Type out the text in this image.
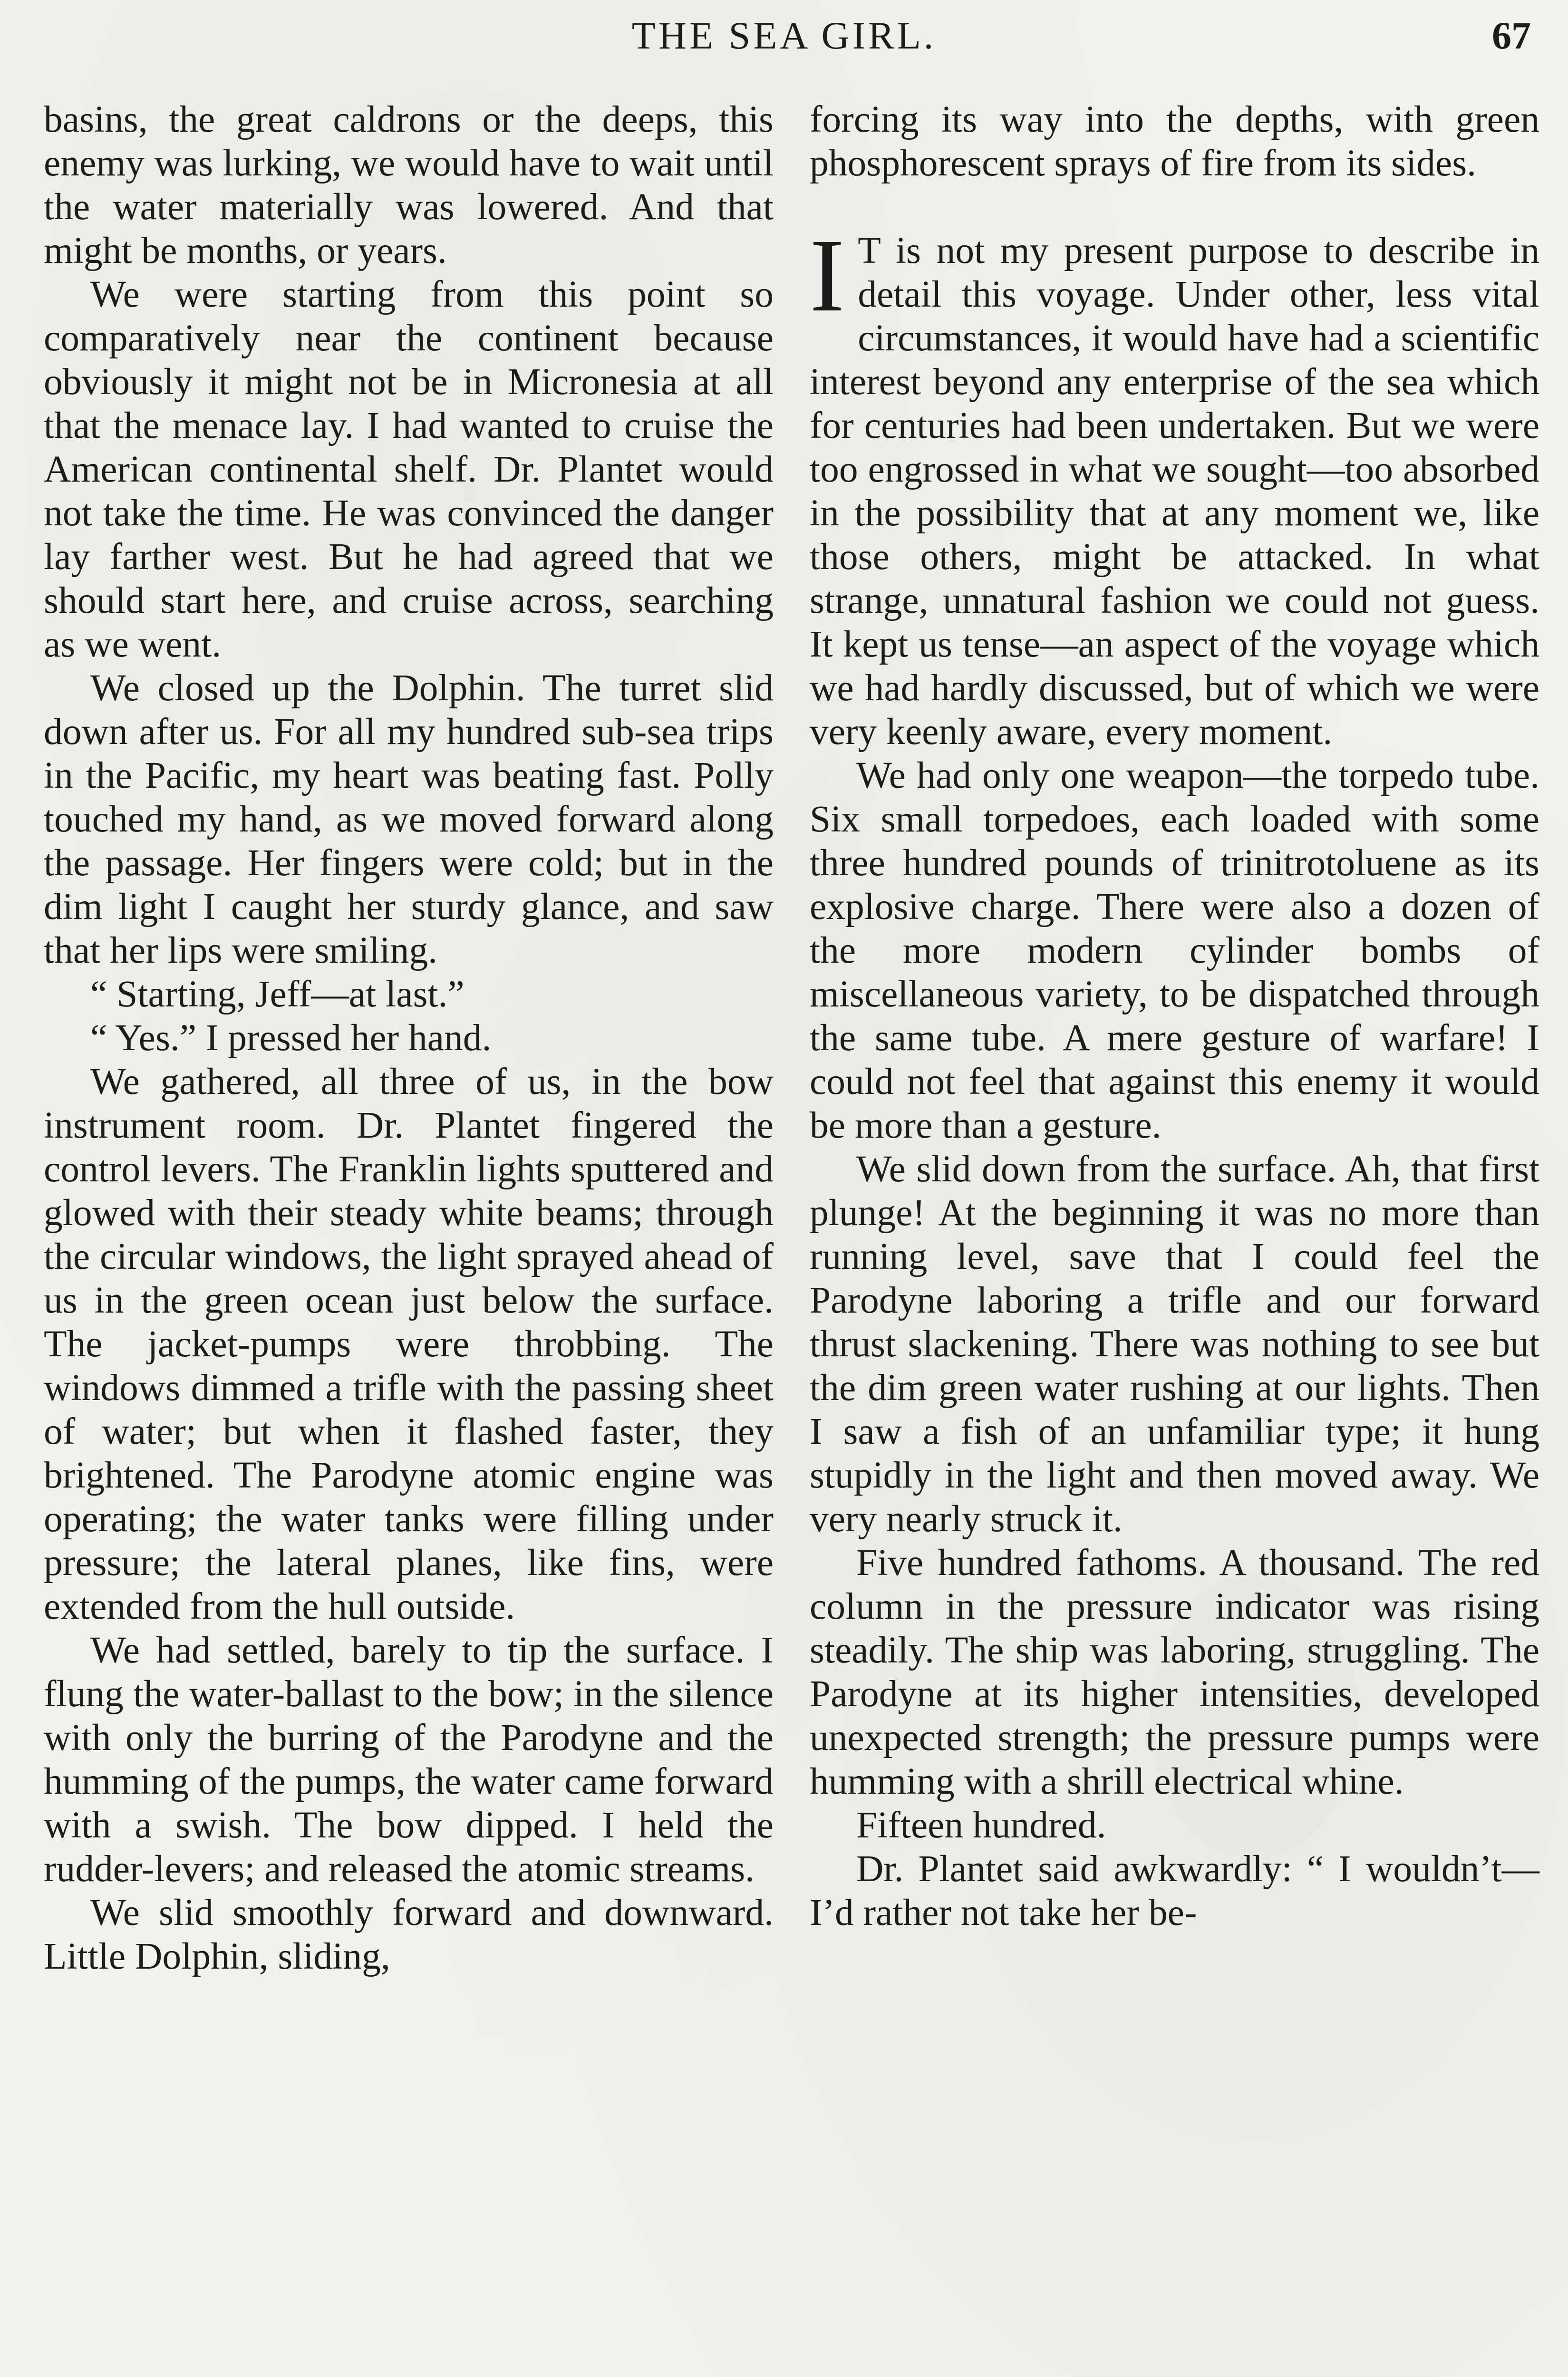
THE SEA GIRL.	67

basins, the great caldrons or the deeps, this enemy was lurking, we would have to wait until the water materially was lowered. And that might be months, or years.

We were starting from this point so comparatively near the continent because obviously it might not be in Micronesia at all that the menace lay. I had wanted to cruise the American continental shelf. Dr. Plantet would not take the time. He was convinced the danger lay farther west. But he had agreed that we should start here, and cruise across, searching as we went.

We closed up the Dolphin. The turret slid down after us. For all my hundred sub-sea trips in the Pacific, my heart was beating fast. Polly touched my hand, as we moved forward along the passage. Her fingers were cold; but in the dim light I caught her sturdy glance, and saw that her lips were smiling.

“ Starting, Jeff—at last.”

“ Yes.” I pressed her hand.

We gathered, all three of us, in the bow instrument room. Dr. Plantet fingered the control levers. The Franklin lights sputtered and glowed with their steady white beams; through the circular windows, the light sprayed ahead of us in the green ocean just below the surface. The jacket-pumps were throbbing. The windows dimmed a trifle with the passing sheet of water; but when it flashed faster, they brightened. The Parodyne atomic engine was operating; the water tanks were filling under pressure; the lateral planes, like fins, were extended from the hull outside.

We had settled, barely to tip the surface. I flung the water-ballast to the bow; in the silence with only the burring of the Parodyne and the humming of the pumps, the water came forward with a swish. The bow dipped. I held the rudder-levers; and released the atomic streams.

We slid smoothly forward and downward. Little Dolphin, sliding,

forcing its way into the depths, with green phosphorescent sprays of fire from its sides.

I T is not my present purpose to describe in detail this voyage. Under other, less vital circumstances, it would have had a scientific interest beyond any enterprise of the sea which for centuries had been undertaken. But we were too engrossed in what we sought—too absorbed in the possibility that at any moment we, like those others, might be attacked. In what strange, unnatural fashion we could not guess. It kept us tense—an aspect of the voyage which we had hardly discussed, but of which we were very keenly aware, every moment.

We had only one weapon—the torpedo tube. Six small torpedoes, each loaded with some three hundred pounds of trinitrotoluene as its explosive charge. There were also a dozen of the more modern cylinder bombs of miscellaneous variety, to be dispatched through the same tube. A mere gesture of warfare! I could not feel that against this enemy it would be more than a gesture.

We slid down from the surface. Ah, that first plunge! At the beginning it was no more than running level, save that I could feel the Parodyne laboring a trifle and our forward thrust slackening. There was nothing to see but the dim green water rushing at our lights. Then I saw a fish of an unfamiliar type; it hung stupidly in the light and then moved away. We very nearly struck it.

Five hundred fathoms. A thousand. The red column in the pressure indicator was rising steadily. The ship was laboring, struggling. The Parodyne at its higher intensities, developed unexpected strength; the pressure pumps were humming with a shrill electrical whine.

Fifteen hundred.

Dr. Plantet said awkwardly: “ I wouldn’t—I’d rather not take her be-
